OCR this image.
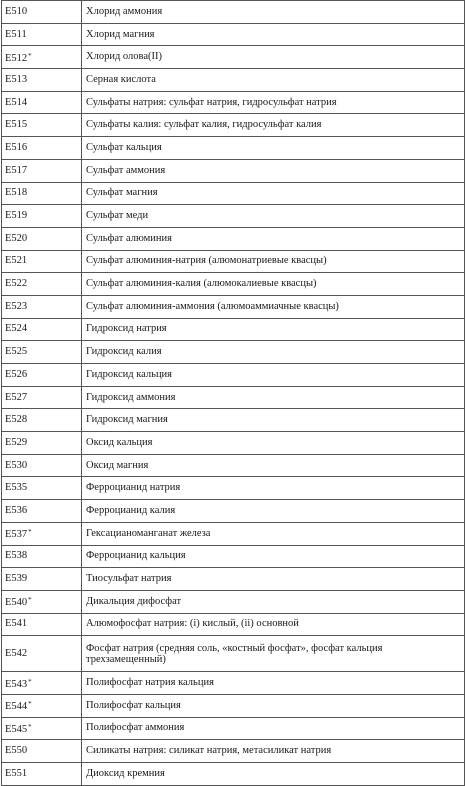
E510	Хлорид аммония
E511	Хлорид магния
E512*	Хлорид олова(II)
E513	Серная кислота
E514	Сульфаты натрия: сульфат натрия, гидросульфат натрия
E515	Сульфаты калия: сульфат калия, гидросульфат калия
E516	Сульфат кальция
E517	Сульфат аммония
E518	Сульфат магния
E519	Сульфат меди
E520	Сульфат алюминия
E521	Сульфат алюминия-натрия (алюмонатриевые квасцы)
E522	Сульфат алюминия-калия (алюмокалиевые квасцы)
E523	Сульфат алюминия-аммония (алюмоаммиачные квасцы)
E524	Гидроксид натрия
E525	Гидроксид калия
E526	Гидроксид кальция
E527	Гидроксид аммония
E528	Гидроксид магния
E529	Оксид кальция
E530	Оксид магния
E535	Ферроцианид натрия
E536	Ферроцианид калия
E537*	Гексацианоманганат железа
E538	Ферроцианид кальция
E539	Тиосульфат натрия
E540*	Дикальция дифосфат
E541	Алюмофосфат натрия: (i) кислый, (ii) основной
E542	Фосфат натрия (средняя соль, «костный фосфат», фосфат кальция трехзамещенный)
E543*	Полифосфат натрия кальция
E544*	Полифосфат кальция
E545*	Полифосфат аммония
E550	Силикаты натрия: силикат натрия, метасиликат натрия
E551	Диоксид кремния
